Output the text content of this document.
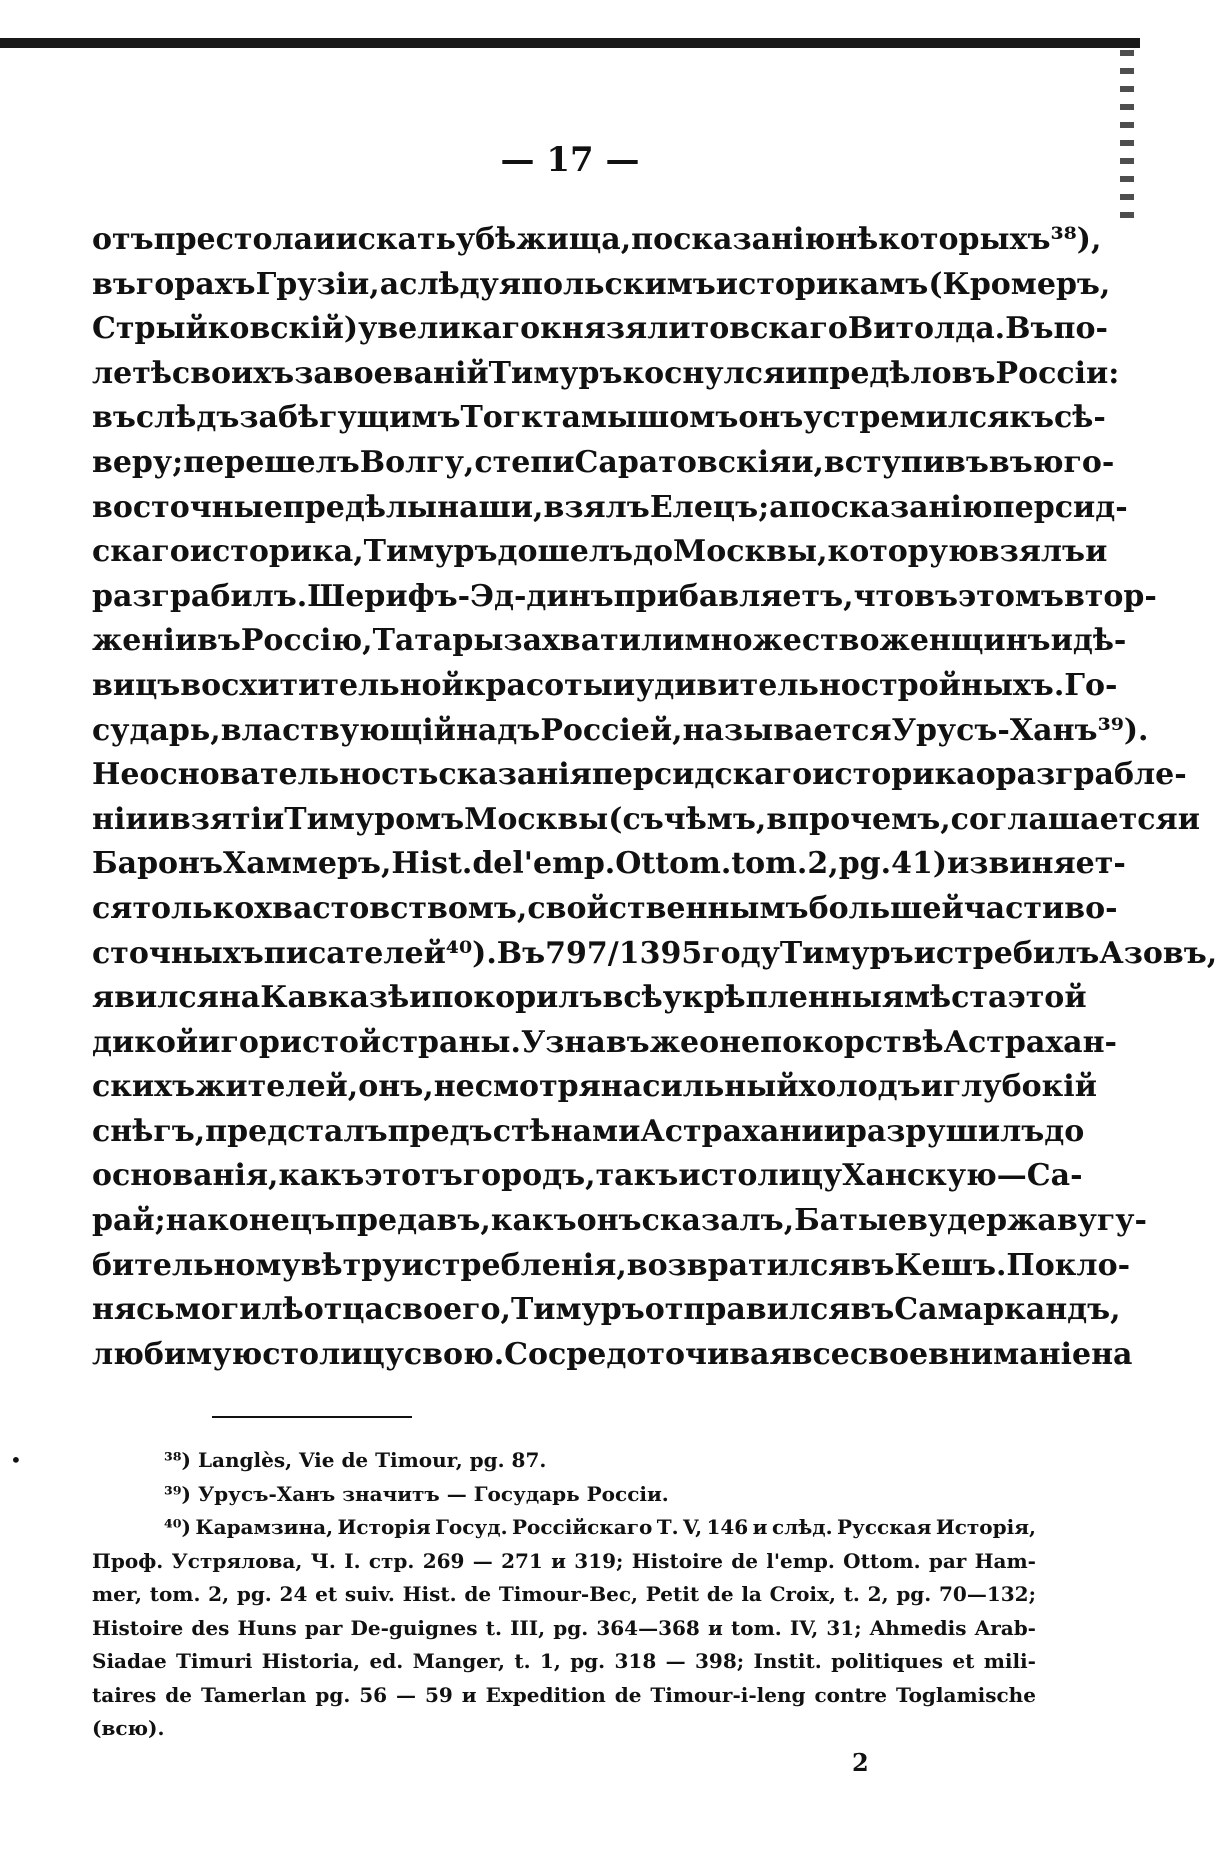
— 17 —
отъ престола и искать убѣжища, по сказанію нѣкоторыхъ ³⁸),
въ горахъ Грузіи, а слѣдуя польскимъ историкамъ (Кромеръ,
Стрыйковскій) у великаго князя литовскаго Витолда. Въ по-
летѣ своихъ завоеваній Тимуръ коснулся и предѣловъ Россіи:
въ слѣдъ за бѣгущимъ Тогктамышомъ онъ устремился къ сѣ-
веру; перешелъ Волгу, степи Саратовскія и, вступивъ въ юго-
восточные предѣлы наши, взялъ Елецъ; а по сказанію персид-
скаго историка, Тимуръ дошелъ до Москвы, которую взялъ и
разграбилъ. Шерифъ-Эд-динъ прибавляетъ, что въ этомъ втор-
женіи въ Россію, Татары захватили множество женщинъ и дѣ-
вицъ восхитительной красоты и удивительно стройныхъ. Го-
сударь, властвующій надъ Россіей, называется Урусъ-Ханъ ³⁹).
Неосновательность сказанія персидскаго историка о разграбле-
ніи и взятіи Тимуромъ Москвы (съ чѣмъ, впрочемъ, соглашается и
Баронъ Хаммеръ, Hist. de l'emp. Ottom. tom. 2, pg. 41) извиняет-
ся только хвастовствомъ, свойственнымъ большей части во-
сточныхъ писателей ⁴⁰). Въ 797/1395 году Тимуръ истребилъ Азовъ,
явился на Кавказѣ и покорилъ всѣ укрѣпленныя мѣста этой
дикой и гористой страны. Узнавъ же о непокорствѣ Астрахан-
скихъ жителей, онъ, несмотря на сильный холодъ и глубокій
снѣгъ, предсталъ предъ стѣнами Астрахани и разрушилъ до
основанія, какъ этотъ городъ, такъ и столицу Ханскую — Са-
рай; наконецъ предавъ, какъ онъ сказалъ, Батыеву державу гу-
бительному вѣтру истребленія, возвратился въ Кешъ. Покло-
нясь могилѣ отца своего, Тимуръ отправился въ Самаркандъ,
любимую столицу свою. Сосредоточивая все свое вниманіе на
•	³⁸) Langlès, Vie de Timour, pg. 87.
³⁹) Урусъ-Ханъ значитъ — Государь Россіи.
⁴⁰) Карамзина, Исторія Госуд. Россійскаго Т. V, 146 и слѣд. Русская Исторія,
Проф. Устрялова, Ч. I. стр. 269 — 271 и 319; Histoire de l'emp. Ottom. par Ham-
mer, tom. 2, pg. 24 et suiv. Hist. de Timour-Bec, Petit de la Croix, t. 2, pg. 70—132;
Histoire des Huns par De-guignes t. III, pg. 364—368 и tom. IV, 31; Ahmedis Arab-
Siadae Timuri Historia, ed. Manger, t. 1, pg. 318 — 398; Instit. politiques et mili-
taires de Tamerlan pg. 56 — 59 и Expedition de Timour-i-leng contre Toglamische
(всю).
2
